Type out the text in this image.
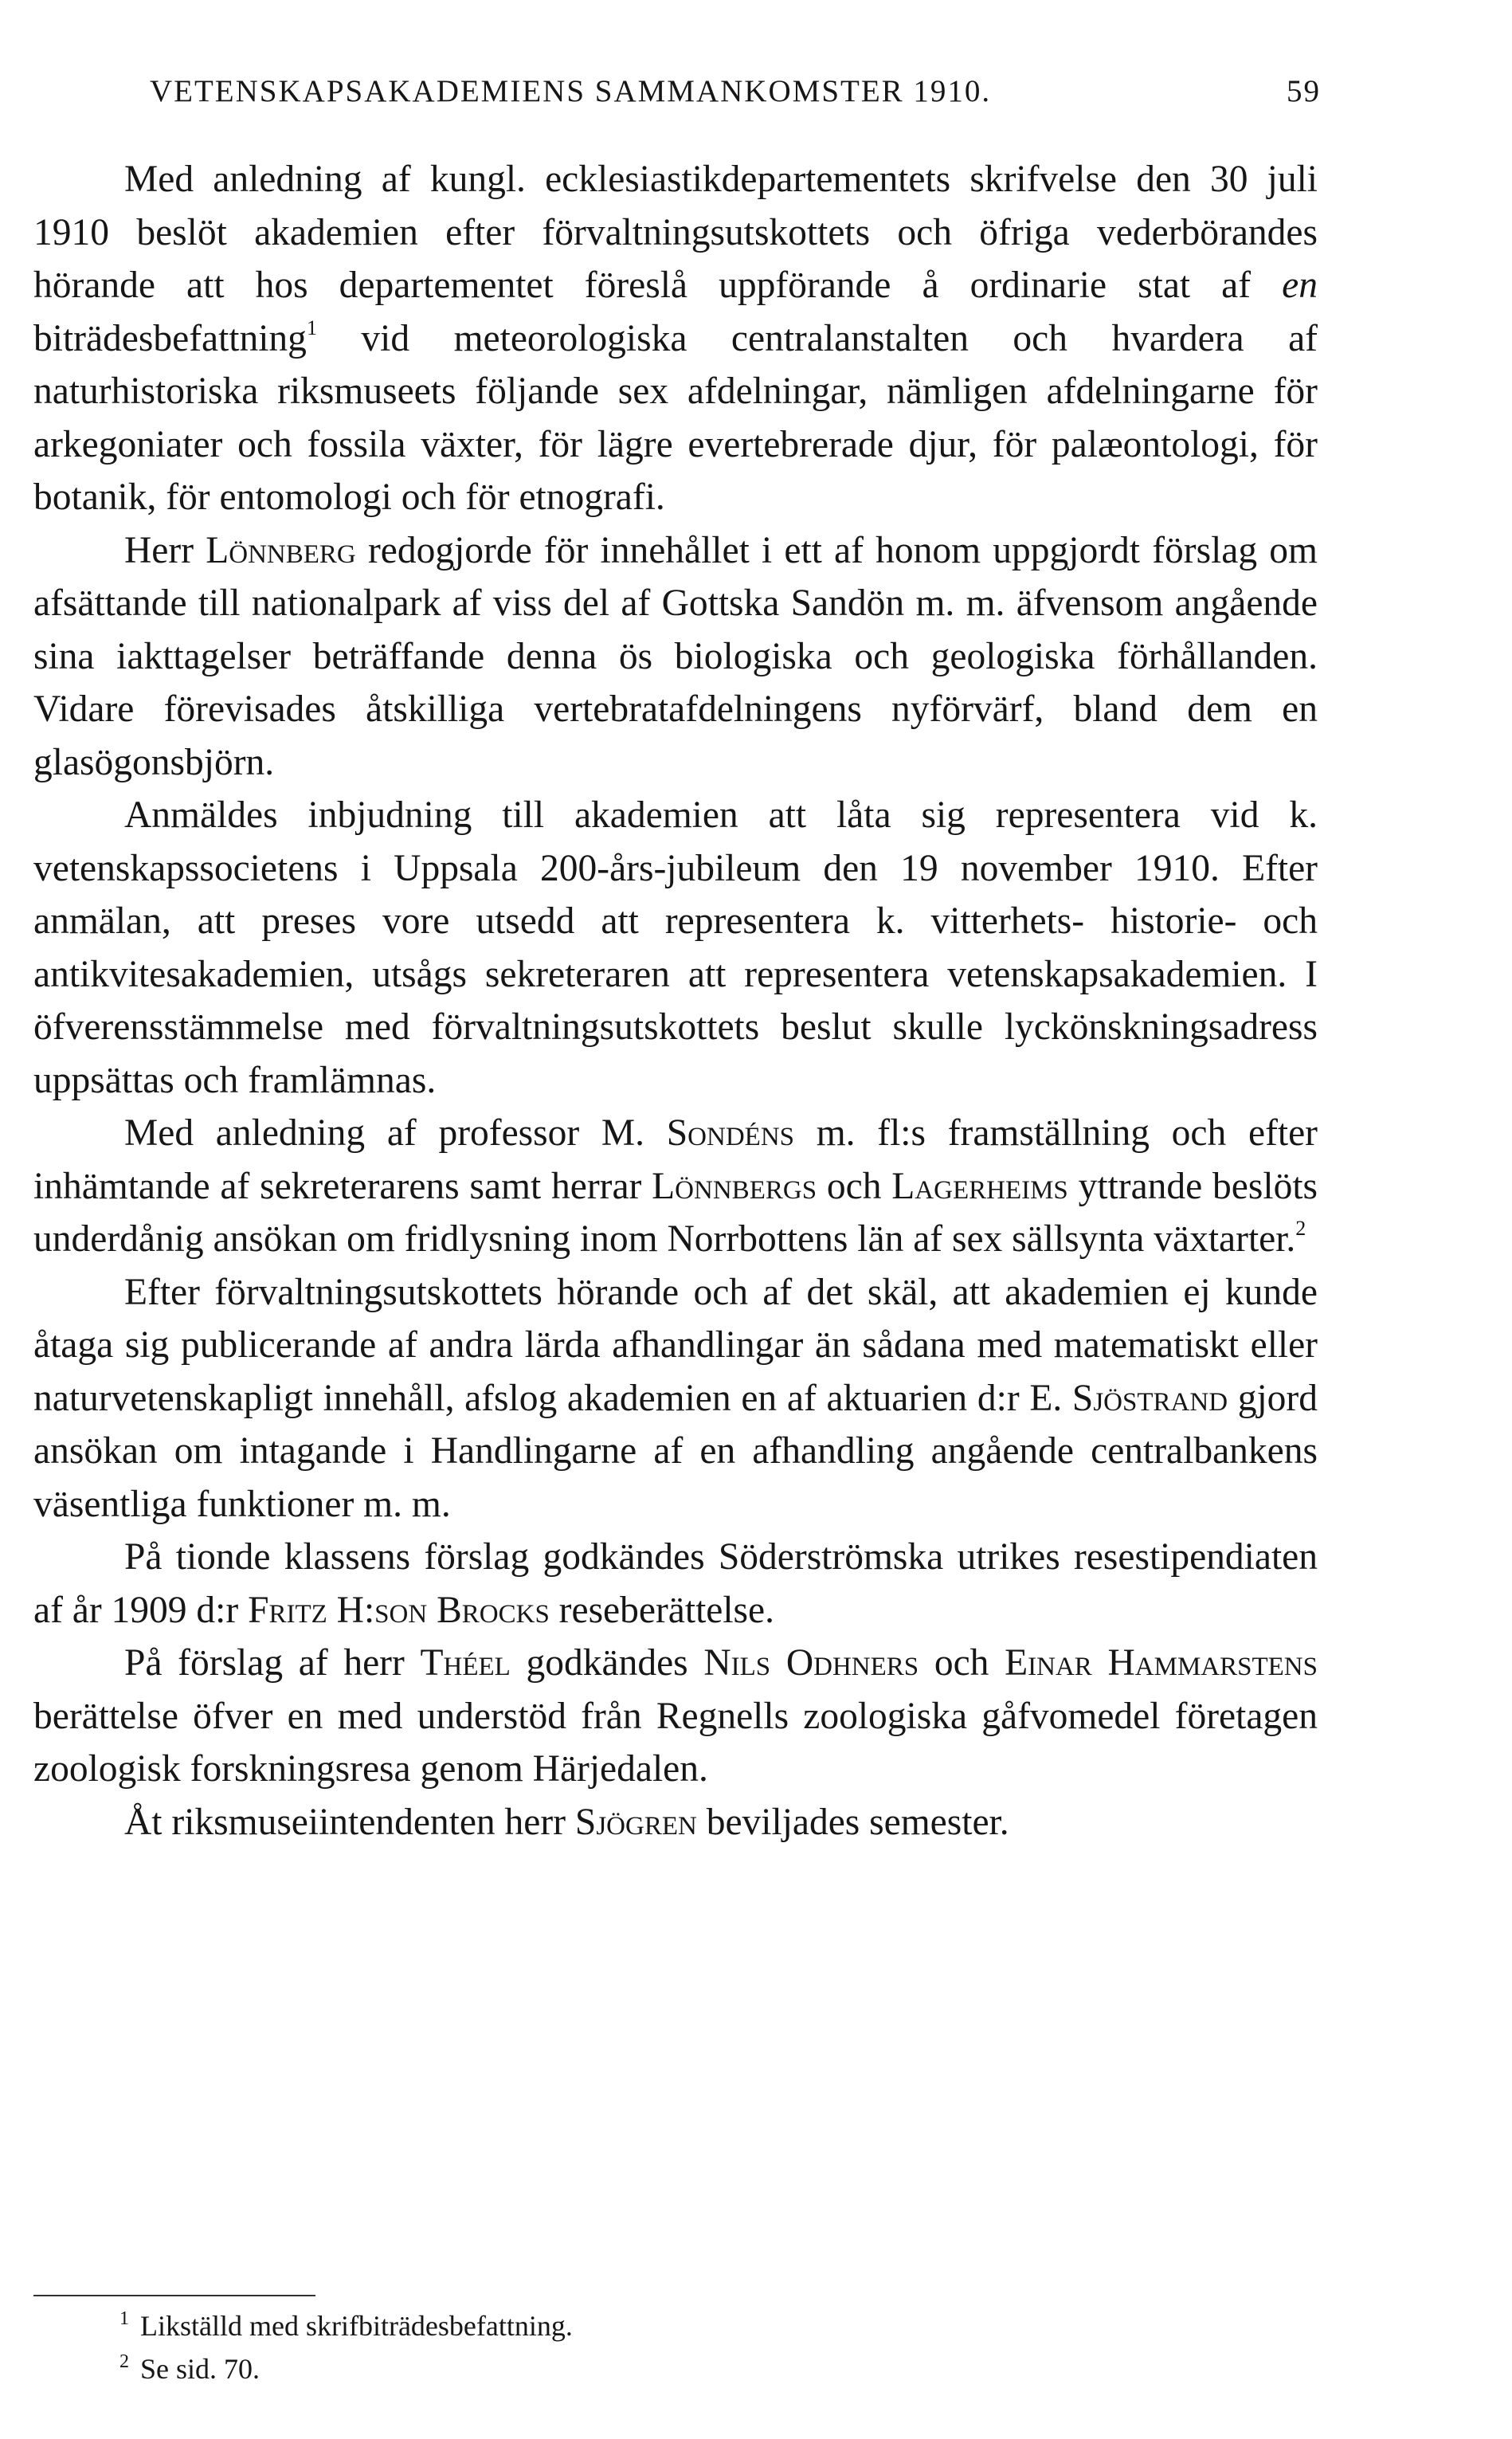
VETENSKAPSAKADEMIENS SAMMANKOMSTER 1910.	59

Med anledning af kungl. ecklesiastikdepartementets skrifvelse den 30 juli 1910 beslöt akademien efter förvaltningsutskottets och öfriga vederbörandes hörande att hos departementet föreslå uppförande å ordinarie stat af en biträdesbefattning$^1$ vid meteorologiska centralanstalten och hvardera af naturhistoriska riksmuseets följande sex afdelningar, nämligen afdelningarne för arkegoniater och fossila växter, för lägre evertebrerade djur, för palæontologi, för botanik, för entomologi och för etnografi.

Herr Lönnberg redogjorde för innehållet i ett af honom uppgjordt förslag om afsättande till nationalpark af viss del af Gottska Sandön m. m. äfvensom angående sina iakttagelser beträffande denna ös biologiska och geologiska förhållanden. Vidare förevisades åtskilliga vertebratafdelningens nyförvärf, bland dem en glasögonsbjörn.

Anmäldes inbjudning till akademien att låta sig representera vid k. vetenskapssocietens i Uppsala 200-års-jubileum den 19 november 1910. Efter anmälan, att preses vore utsedd att representera k. vitterhets- historie- och antikvitesakademien, utsågs sekreteraren att representera vetenskapsakademien. I öfverensstämmelse med förvaltningsutskottets beslut skulle lyckönskningsadress uppsättas och framlämnas.

Med anledning af professor M. Sondéns m. fl:s framställning och efter inhämtande af sekreterarens samt herrar Lönnbergs och Lagerheims yttrande beslöts underdånig ansökan om fridlysning inom Norrbottens län af sex sällsynta växtarter.$^2$

Efter förvaltningsutskottets hörande och af det skäl, att akademien ej kunde åtaga sig publicerande af andra lärda afhandlingar än sådana med matematiskt eller naturvetenskapligt innehåll, afslog akademien en af aktuarien d:r E. Sjöstrand gjord ansökan om intagande i Handlingarne af en afhandling angående centralbankens väsentliga funktioner m. m.

På tionde klassens förslag godkändes Söderströmska utrikes resestipendiaten af år 1909 d:r Fritz H:son Brocks reseberättelse.

På förslag af herr Théel godkändes Nils Odhners och Einar Hammarstens berättelse öfver en med understöd från Regnells zoologiska gåfvomedel företagen zoologisk forskningsresa genom Härjedalen.

Åt riksmuseiintendenten herr Sjögren beviljades semester.

$^1$ Likställd med skrifbiträdesbefattning.
$^2$ Se sid. 70.
